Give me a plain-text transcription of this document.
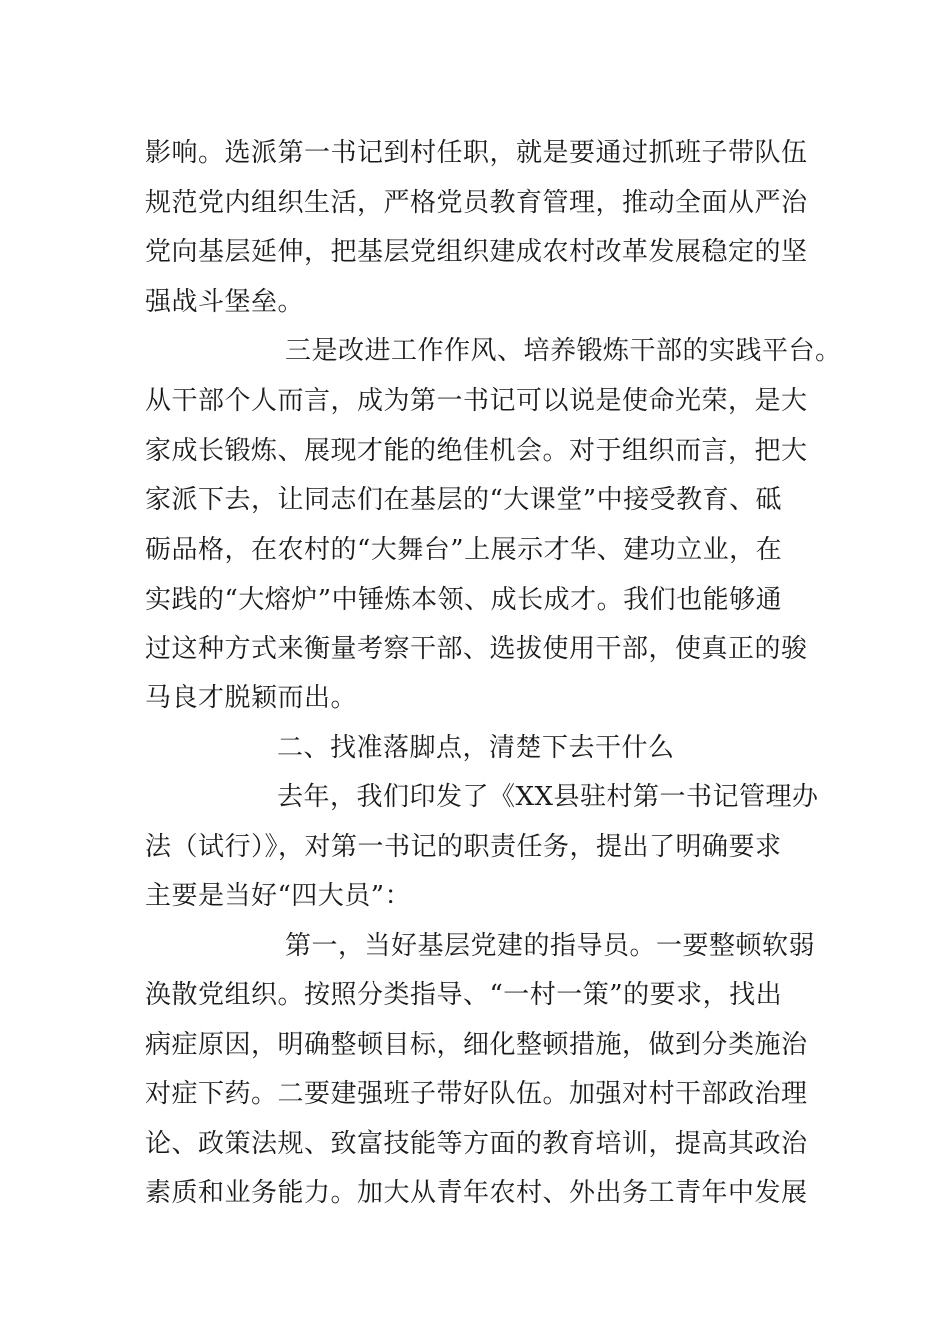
影响。选派第一书记到村任职，就是要通过抓班子带队伍
规范党内组织生活，严格党员教育管理，推动全面从严治
党向基层延伸，把基层党组织建成农村改革发展稳定的坚
强战斗堡垒。
三是改进工作作风、培养锻炼干部的实践平台。
从干部个人而言，成为第一书记可以说是使命光荣，是大
家成长锻炼、展现才能的绝佳机会。对于组织而言，把大
家派下去，让同志们在基层的“大课堂”中接受教育、砥
砺品格，在农村的“大舞台”上展示才华、建功立业，在
实践的“大熔炉”中锤炼本领、成长成才。我们也能够通
过这种方式来衡量考察干部、选拔使用干部，使真正的骏
马良才脱颖而出。
二、找准落脚点，清楚下去干什么
去年，我们印发了《XX县驻村第一书记管理办
法（试行）》，对第一书记的职责任务，提出了明确要求
主要是当好“四大员”：
第一，当好基层党建的指导员。一要整顿软弱
涣散党组织。按照分类指导、“一村一策”的要求，找出
病症原因，明确整顿目标，细化整顿措施，做到分类施治
对症下药。二要建强班子带好队伍。加强对村干部政治理
论、政策法规、致富技能等方面的教育培训，提高其政治
素质和业务能力。加大从青年农村、外出务工青年中发展
